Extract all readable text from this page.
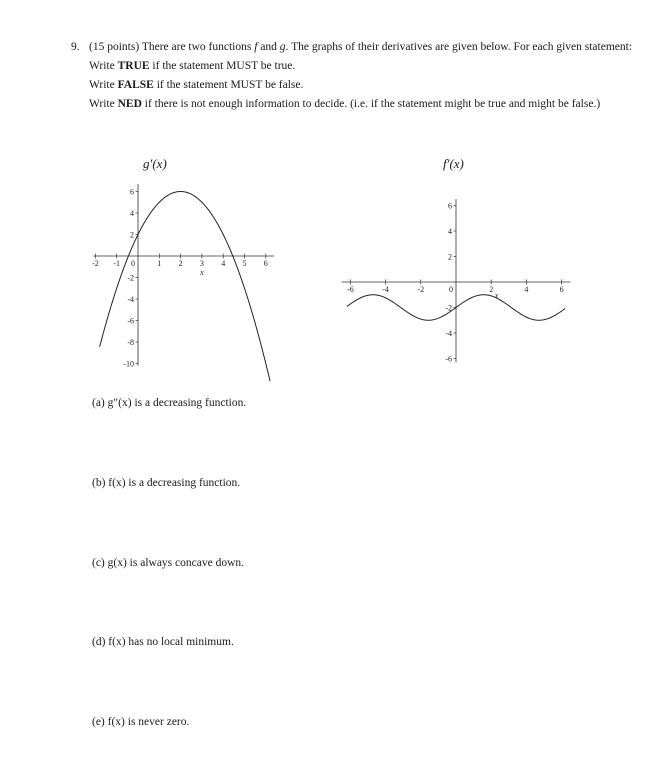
9. (15 points) There are two functions f and g. The graphs of their derivatives are given below. For each given statement:

Write TRUE if the statement MUST be true.

Write FALSE if the statement MUST be false.

Write NED if there is not enough information to decide. (i.e. if the statement might be true and might be false.)

g′(x)	f′(x)
-2 -1	1 2 3 4 5 6
0
-10
-8
-6
-4
-2
2
4
6
x
-6	-4	-2	2	4	6
0
-6
-4
-2
2
4
6
x
(a) g″(x) is a decreasing function.
(b) f(x) is a decreasing function.
(c) g(x) is always concave down.
(d) f(x) has no local minimum.
(e) f(x) is never zero.
